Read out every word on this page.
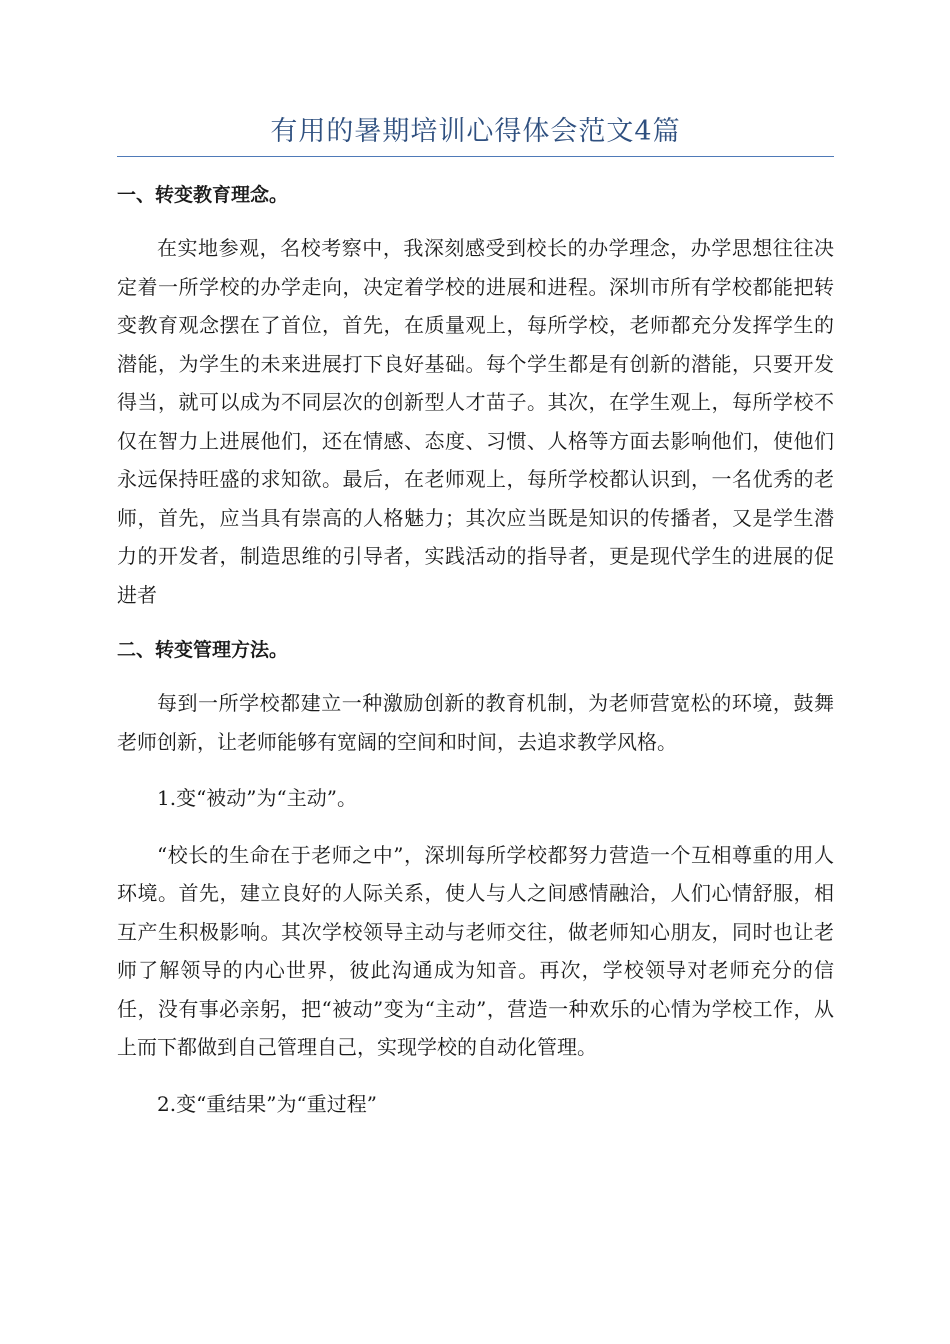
有用的暑期培训心得体会范文4篇
一、转变教育理念。

在实地参观，名校考察中，我深刻感受到校长的办学理念，办学思想往往决定着一所学校的办学走向，决定着学校的进展和进程。深圳市所有学校都能把转变教育观念摆在了首位，首先，在质量观上，每所学校，老师都充分发挥学生的潜能，为学生的未来进展打下良好基础。每个学生都是有创新的潜能，只要开发得当，就可以成为不同层次的创新型人才苗子。其次，在学生观上，每所学校不仅在智力上进展他们，还在情感、态度、习惯、人格等方面去影响他们，使他们永远保持旺盛的求知欲。最后，在老师观上，每所学校都认识到，一名优秀的老师，首先，应当具有崇高的人格魅力；其次应当既是知识的传播者，又是学生潜力的开发者，制造思维的引导者，实践活动的指导者，更是现代学生的进展的促进者

二、转变管理方法。

每到一所学校都建立一种激励创新的教育机制，为老师营宽松的环境，鼓舞老师创新，让老师能够有宽阔的空间和时间，去追求教学风格。

1.变“被动”为“主动”。

“校长的生命在于老师之中”，深圳每所学校都努力营造一个互相尊重的用人环境。首先，建立良好的人际关系，使人与人之间感情融洽，人们心情舒服，相互产生积极影响。其次学校领导主动与老师交往，做老师知心朋友，同时也让老师了解领导的内心世界，彼此沟通成为知音。再次，学校领导对老师充分的信任，没有事必亲躬，把“被动”变为“主动”，营造一种欢乐的心情为学校工作，从上而下都做到自己管理自己，实现学校的自动化管理。

2.变“重结果”为“重过程”
